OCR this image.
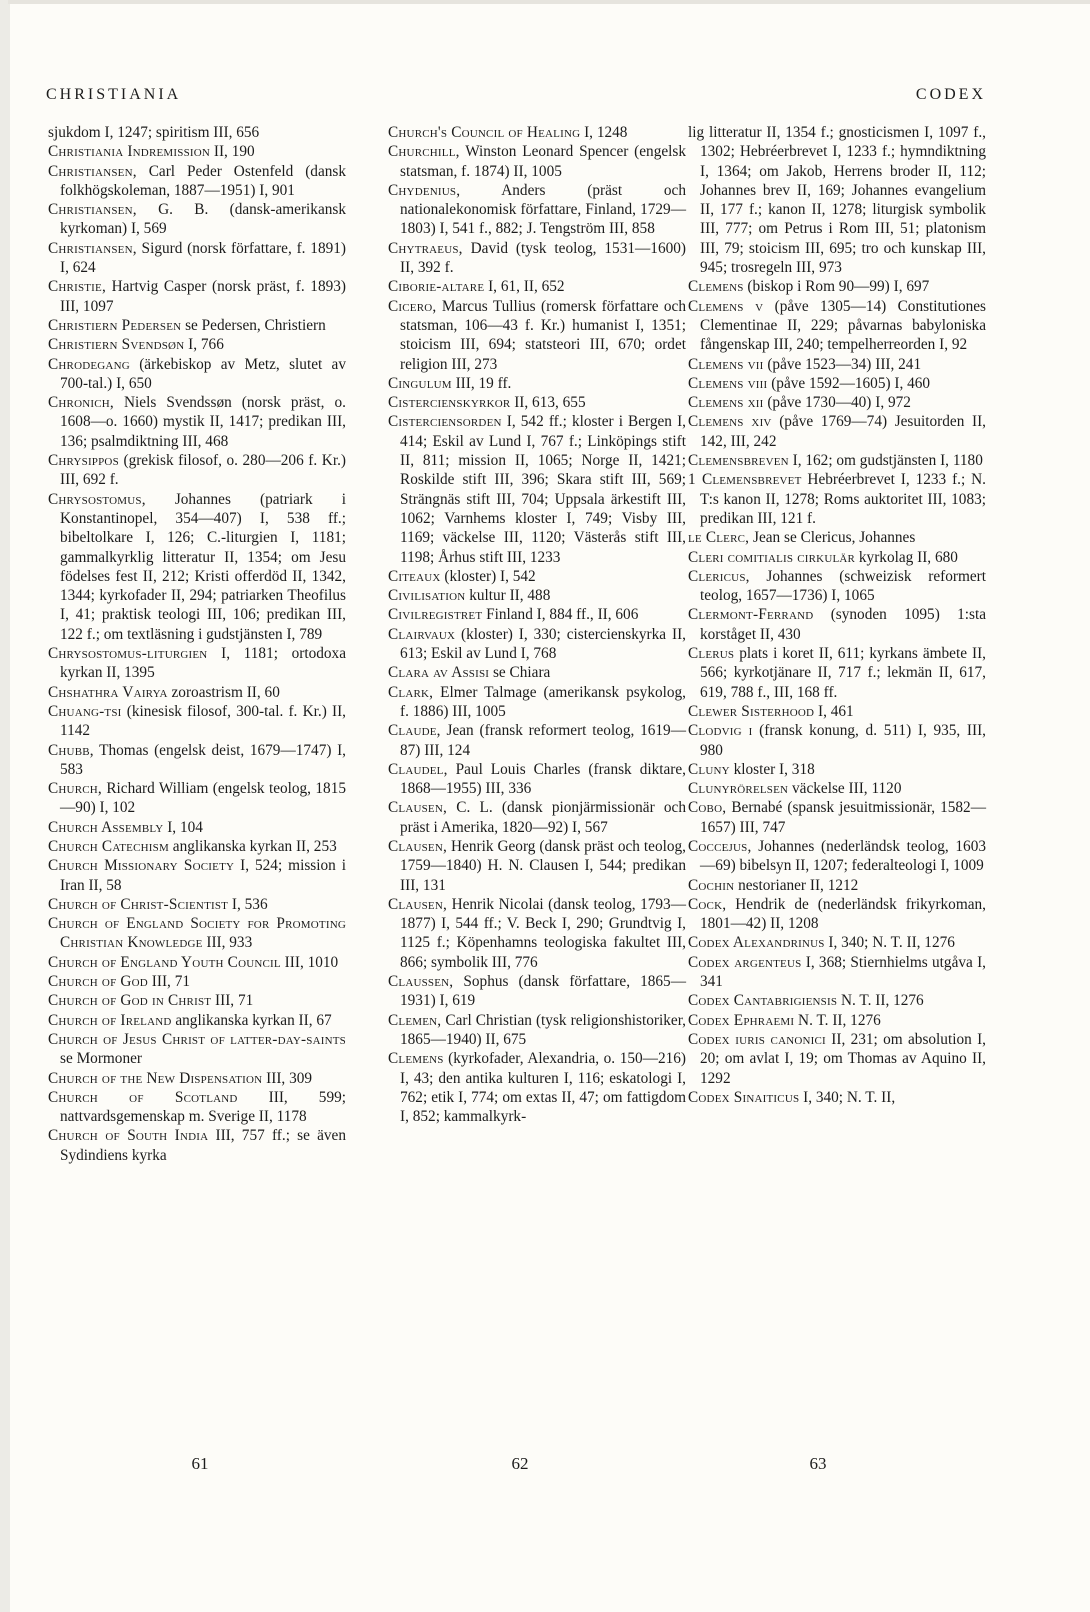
CHRISTIANIA	CODEX

sjukdom I, 1247; spiritism III, 656

Christiania Indremission II, 190

Christiansen, Carl Peder Ostenfeld (dansk folkhögskoleman, 1887—1951) I, 901

Christiansen, G. B. (dansk-amerikansk kyrkoman) I, 569

Christiansen, Sigurd (norsk författare, f. 1891) I, 624

Christie, Hartvig Casper (norsk präst, f. 1893) III, 1097

Christiern Pedersen se Pedersen, Christiern

Christiern Svendsøn I, 766

Chrodegang (ärkebiskop av Metz, slutet av 700-tal.) I, 650

Chronich, Niels Svendssøn (norsk präst, o. 1608—o. 1660) mystik II, 1417; predikan III, 136; psalmdiktning III, 468

Chrysippos (grekisk filosof, o. 280—206 f. Kr.) III, 692 f.

Chrysostomus, Johannes (patriark i Konstantinopel, 354—407) I, 538 ff.; bibeltolkare I, 126; C.-liturgien I, 1181; gammalkyrklig litteratur II, 1354; om Jesu födelses fest II, 212; Kristi offerdöd II, 1342, 1344; kyrkofader II, 294; patriarken Theofilus I, 41; praktisk teologi III, 106; predikan III, 122 f.; om textläsning i gudstjänsten I, 789

Chrysostomus-liturgien I, 1181; ortodoxa kyrkan II, 1395

Chshathra Vairya zoroastrism II, 60

Chuang-tsi (kinesisk filosof, 300-tal. f. Kr.) II, 1142

Chubb, Thomas (engelsk deist, 1679—1747) I, 583

Church, Richard William (engelsk teolog, 1815—90) I, 102

Church Assembly I, 104

Church Catechism anglikanska kyrkan II, 253

Church Missionary Society I, 524; mission i Iran II, 58

Church of Christ-Scientist I, 536

Church of England Society for Promoting Christian Knowledge III, 933

Church of England Youth Council III, 1010

Church of God III, 71

Church of God in Christ III, 71

Church of Ireland anglikanska kyrkan II, 67

Church of Jesus Christ of latter-day-saints se Mormoner

Church of the New Dispensation III, 309

Church of Scotland III, 599; nattvardsgemenskap m. Sverige II, 1178

Church of South India III, 757 ff.; se även Sydindiens kyrka

Church's Council of Healing I, 1248

Churchill, Winston Leonard Spencer (engelsk statsman, f. 1874) II, 1005

Chydenius, Anders (präst och nationalekonomisk författare, Finland, 1729—1803) I, 541 f., 882; J. Tengström III, 858

Chytraeus, David (tysk teolog, 1531—1600) II, 392 f.

Ciborie-altare I, 61, II, 652

Cicero, Marcus Tullius (romersk författare och statsman, 106—43 f. Kr.) humanist I, 1351; stoicism III, 694; statsteori III, 670; ordet religion III, 273

Cingulum III, 19 ff.

Cistercienskyrkor II, 613, 655

Cisterciensorden I, 542 ff.; kloster i Bergen I, 414; Eskil av Lund I, 767 f.; Linköpings stift II, 811; mission II, 1065; Norge II, 1421; Roskilde stift III, 396; Skara stift III, 569; Strängnäs stift III, 704; Uppsala ärkestift III, 1062; Varnhems kloster I, 749; Visby III, 1169; väckelse III, 1120; Västerås stift III, 1198; Århus stift III, 1233

Citeaux (kloster) I, 542

Civilisation kultur II, 488

Civilregistret Finland I, 884 ff., II, 606

Clairvaux (kloster) I, 330; cistercienskyrka II, 613; Eskil av Lund I, 768

Clara av Assisi se Chiara

Clark, Elmer Talmage (amerikansk psykolog, f. 1886) III, 1005

Claude, Jean (fransk reformert teolog, 1619—87) III, 124

Claudel, Paul Louis Charles (fransk diktare, 1868—1955) III, 336

Clausen, C. L. (dansk pionjärmissionär och präst i Amerika, 1820—92) I, 567

Clausen, Henrik Georg (dansk präst och teolog, 1759—1840) H. N. Clausen I, 544; predikan III, 131

Clausen, Henrik Nicolai (dansk teolog, 1793—1877) I, 544 ff.; V. Beck I, 290; Grundtvig I, 1125 f.; Köpenhamns teologiska fakultet III, 866; symbolik III, 776

Claussen, Sophus (dansk författare, 1865—1931) I, 619

Clemen, Carl Christian (tysk religionshistoriker, 1865—1940) II, 675

Clemens (kyrkofader, Alexandria, o. 150—216) I, 43; den antika kulturen I, 116; eskatologi I, 762; etik I, 774; om extas II, 47; om fattigdom I, 852; kammalkyrk-

lig litteratur II, 1354 f.; gnosticismen I, 1097 f., 1302; Hebréerbrevet I, 1233 f.; hymndiktning I, 1364; om Jakob, Herrens broder II, 112; Johannes brev II, 169; Johannes evangelium II, 177 f.; kanon II, 1278; liturgisk symbolik III, 777; om Petrus i Rom III, 51; platonism III, 79; stoicism III, 695; tro och kunskap III, 945; trosregeln III, 973

Clemens (biskop i Rom 90—99) I, 697

Clemens v (påve 1305—14) Constitutiones Clementinae II, 229; påvarnas babyloniska fångenskap III, 240; tempelherreorden I, 92

Clemens vii (påve 1523—34) III, 241

Clemens viii (påve 1592—1605) I, 460

Clemens xii (påve 1730—40) I, 972

Clemens xiv (påve 1769—74) Jesuitorden II, 142, III, 242

Clemensbreven I, 162; om gudstjänsten I, 1180

1 Clemensbrevet Hebréerbrevet I, 1233 f.; N. T:s kanon II, 1278; Roms auktoritet III, 1083; predikan III, 121 f.

le Clerc, Jean se Clericus, Johannes

Cleri comitialis cirkulär kyrkolag II, 680

Clericus, Johannes (schweizisk reformert teolog, 1657—1736) I, 1065

Clermont-Ferrand (synoden 1095) 1:sta korståget II, 430

Clerus plats i koret II, 611; kyrkans ämbete II, 566; kyrkotjänare II, 717 f.; lekmän II, 617, 619, 788 f., III, 168 ff.

Clewer Sisterhood I, 461

Clodvig i (fransk konung, d. 511) I, 935, III, 980

Cluny kloster I, 318

Clunyrörelsen väckelse III, 1120

Cobo, Bernabé (spansk jesuitmissionär, 1582—1657) III, 747

Coccejus, Johannes (nederländsk teolog, 1603—69) bibelsyn II, 1207; federalteologi I, 1009

Cochin nestorianer II, 1212

Cock, Hendrik de (nederländsk frikyrkoman, 1801—42) II, 1208

Codex Alexandrinus I, 340; N. T. II, 1276

Codex argenteus I, 368; Stiernhielms utgåva I, 341

Codex Cantabrigiensis N. T. II, 1276

Codex Ephraemi N. T. II, 1276

Codex iuris canonici II, 231; om absolution I, 20; om avlat I, 19; om Thomas av Aquino II, 1292

Codex Sinaiticus I, 340; N. T. II,

61	62	63
